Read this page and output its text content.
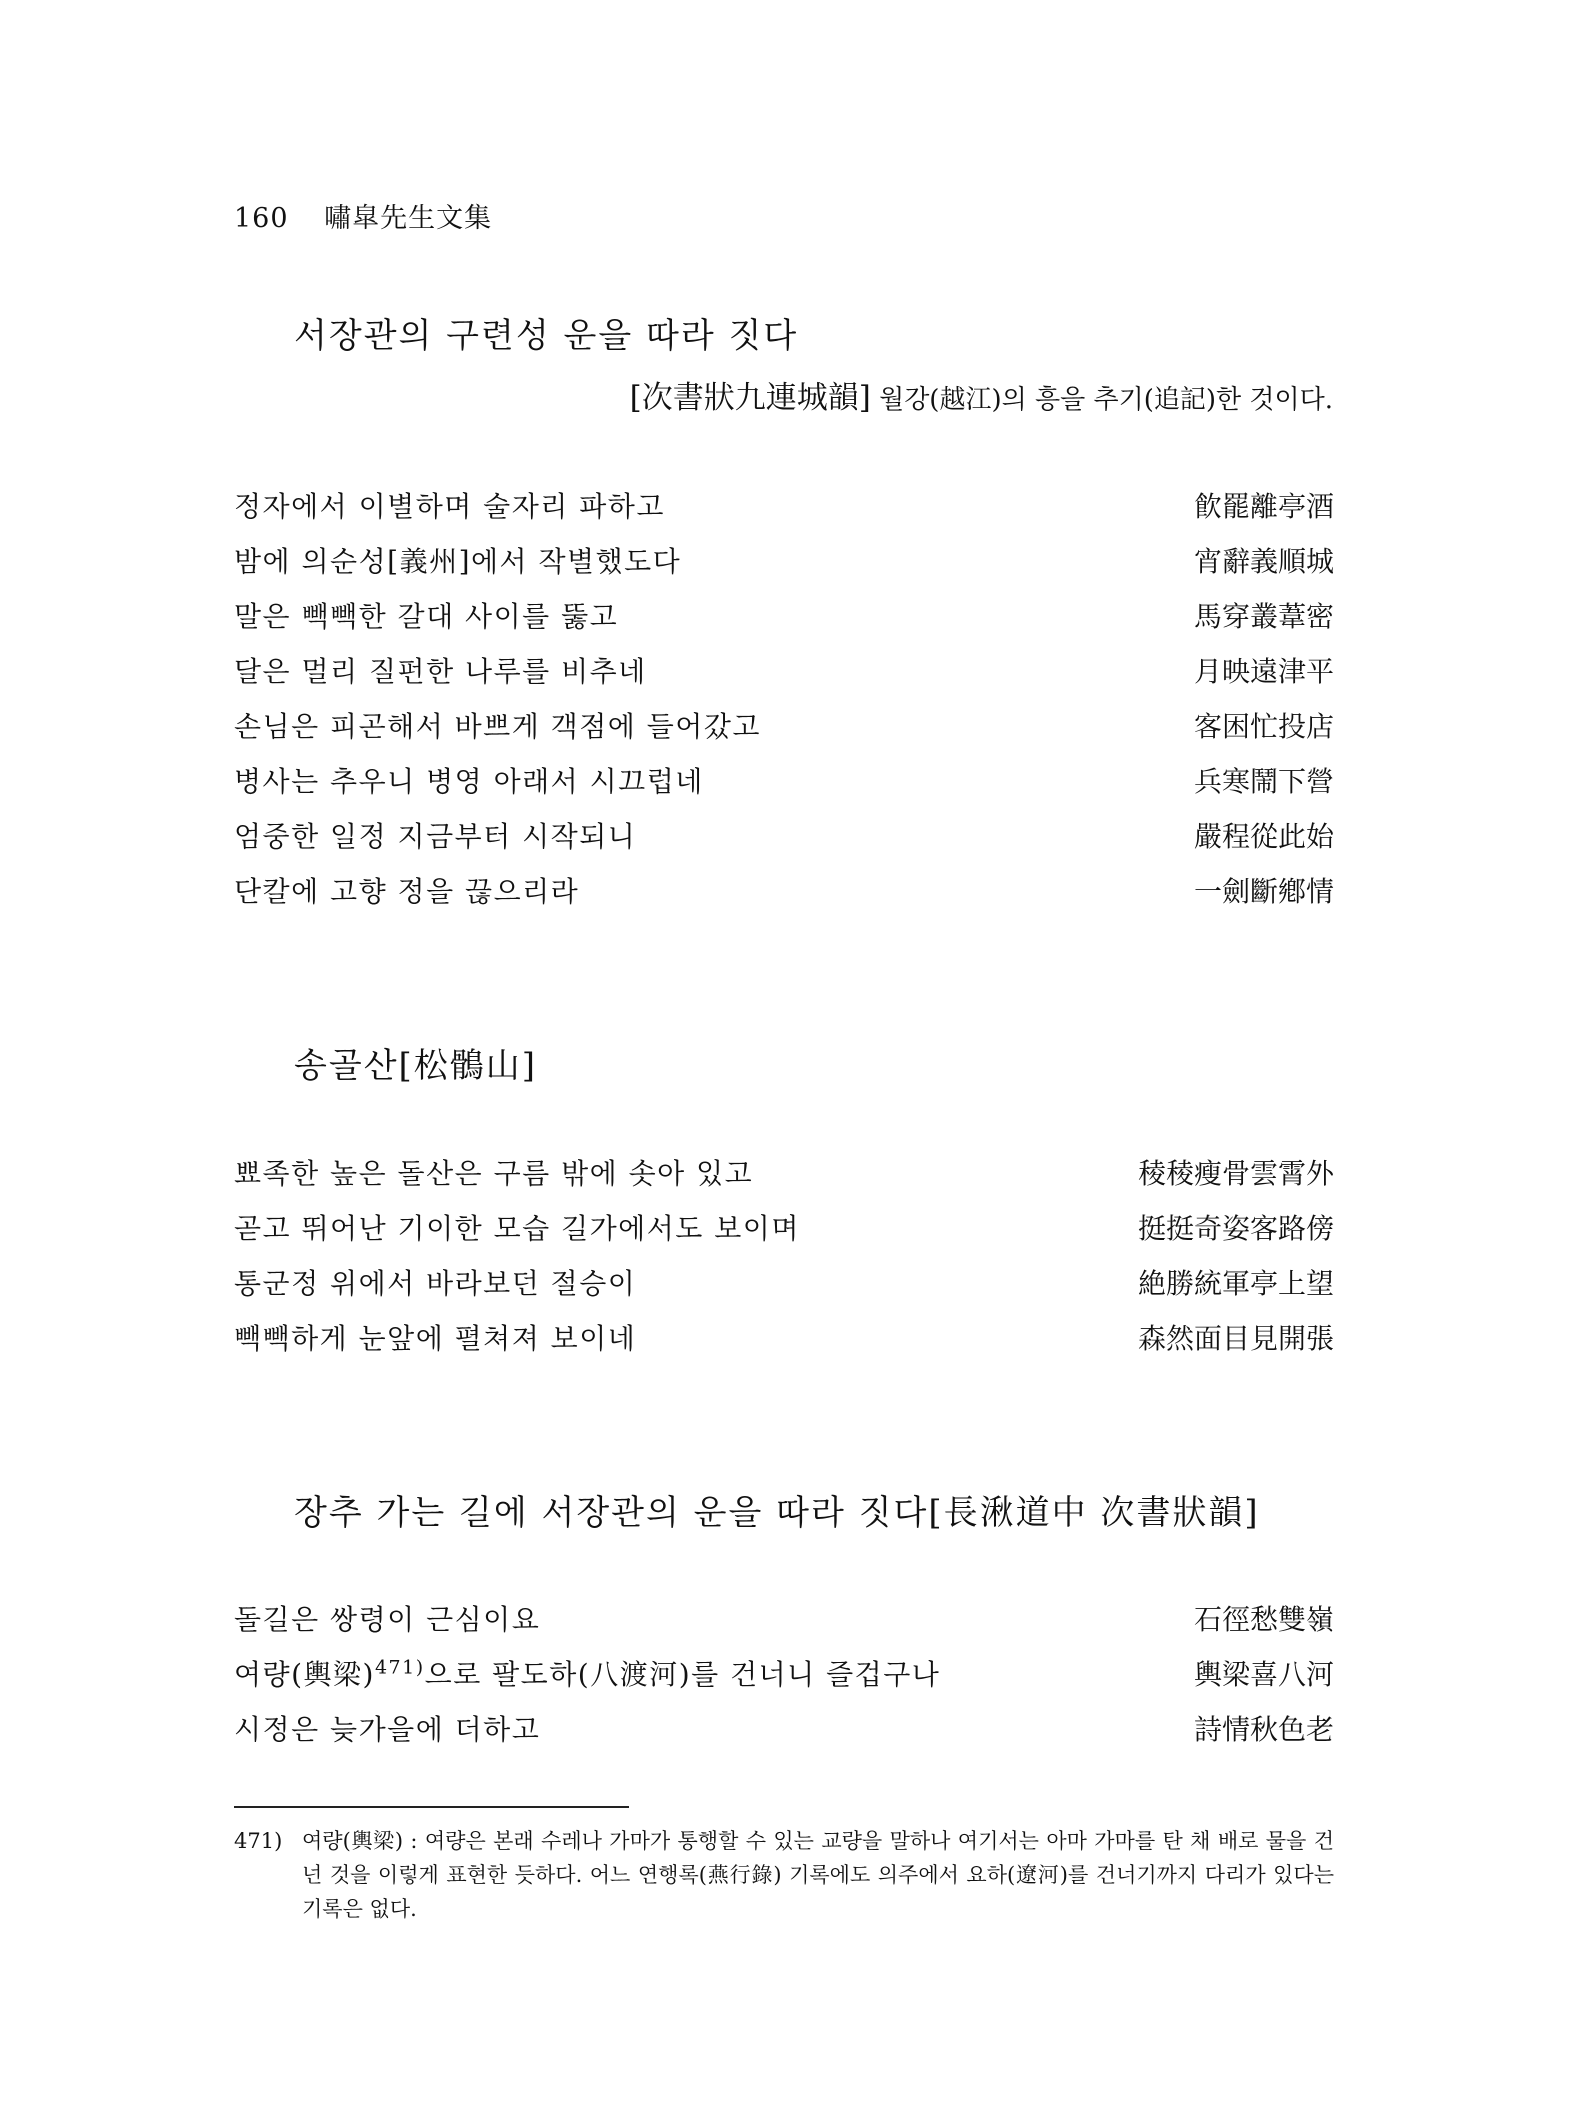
160 嘯皐先生文集
서장관의 구련성 운을 따라 짓다
[次書狀九連城韻] 월강(越江)의 흥을 추기(追記)한 것이다.
정자에서 이별하며 술자리 파하고	飮罷離亭酒
밤에 의순성[義州]에서 작별했도다	宵辭義順城
말은 빽빽한 갈대 사이를 뚫고	馬穿叢葦密
달은 멀리 질펀한 나루를 비추네	月映遠津平
손님은 피곤해서 바쁘게 객점에 들어갔고	客困忙投店
병사는 추우니 병영 아래서 시끄럽네	兵寒鬧下營
엄중한 일정 지금부터 시작되니	嚴程從此始
단칼에 고향 정을 끊으리라	一劍斷鄕情
송골산[松鶻山]
뾰족한 높은 돌산은 구름 밖에 솟아 있고	稜稜瘦骨雲霄外
곧고 뛰어난 기이한 모습 길가에서도 보이며	挺挺奇姿客路傍
통군정 위에서 바라보던 절승이	絶勝統軍亭上望
빽빽하게 눈앞에 펼쳐져 보이네	森然面目見開張
장추 가는 길에 서장관의 운을 따라 짓다[長湫道中 次書狀韻]
돌길은 쌍령이 근심이요	石徑愁雙嶺
여량(輿梁)$^{471)}$으로 팔도하(八渡河)를 건너니 즐겁구나	輿梁喜八河
시정은 늦가을에 더하고	詩情秋色老
471) 여량(輿梁) : 여량은 본래 수레나 가마가 통행할 수 있는 교량을 말하나 여기서는 아마 가마를 탄 채 배로 물을 건넌 것을 이렇게 표현한 듯하다. 어느 연행록(燕行錄) 기록에도 의주에서 요하(遼河)를 건너기까지 다리가 있다는 기록은 없다.
